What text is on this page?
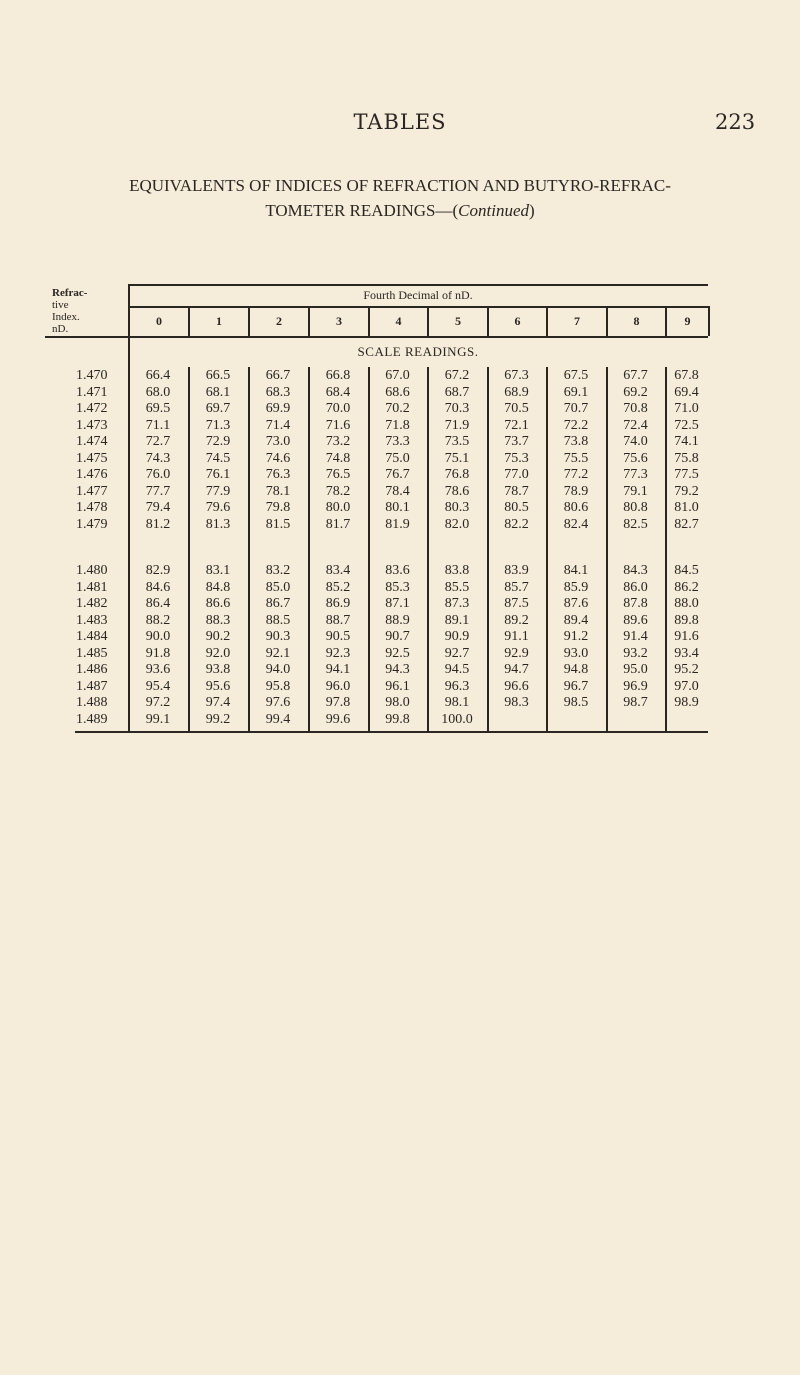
TABLES	223
EQUIVALENTS OF INDICES OF REFRACTION AND BUTYRO-REFRAC-
TOMETER READINGS—(Continued)
Refrac-
tive
Index.
nD.
Fourth Decimal of nD.
0	1	2	3	4	5	6	7	8	9
SCALE READINGS.
1.470	66.4	66.5	66.7	66.8	67.0	67.2	67.3	67.5	67.7	67.8
1.471	68.0	68.1	68.3	68.4	68.6	68.7	68.9	69.1	69.2	69.4
1.472	69.5	69.7	69.9	70.0	70.2	70.3	70.5	70.7	70.8	71.0
1.473	71.1	71.3	71.4	71.6	71.8	71.9	72.1	72.2	72.4	72.5
1.474	72.7	72.9	73.0	73.2	73.3	73.5	73.7	73.8	74.0	74.1
1.475	74.3	74.5	74.6	74.8	75.0	75.1	75.3	75.5	75.6	75.8
1.476	76.0	76.1	76.3	76.5	76.7	76.8	77.0	77.2	77.3	77.5
1.477	77.7	77.9	78.1	78.2	78.4	78.6	78.7	78.9	79.1	79.2
1.478	79.4	79.6	79.8	80.0	80.1	80.3	80.5	80.6	80.8	81.0
1.479	81.2	81.3	81.5	81.7	81.9	82.0	82.2	82.4	82.5	82.7
1.480	82.9	83.1	83.2	83.4	83.6	83.8	83.9	84.1	84.3	84.5
1.481	84.6	84.8	85.0	85.2	85.3	85.5	85.7	85.9	86.0	86.2
1.482	86.4	86.6	86.7	86.9	87.1	87.3	87.5	87.6	87.8	88.0
1.483	88.2	88.3	88.5	88.7	88.9	89.1	89.2	89.4	89.6	89.8
1.484	90.0	90.2	90.3	90.5	90.7	90.9	91.1	91.2	91.4	91.6
1.485	91.8	92.0	92.1	92.3	92.5	92.7	92.9	93.0	93.2	93.4
1.486	93.6	93.8	94.0	94.1	94.3	94.5	94.7	94.8	95.0	95.2
1.487	95.4	95.6	95.8	96.0	96.1	96.3	96.6	96.7	96.9	97.0
1.488	97.2	97.4	97.6	97.8	98.0	98.1	98.3	98.5	98.7	98.9
1.489	99.1	99.2	99.4	99.6	99.8	100.0
